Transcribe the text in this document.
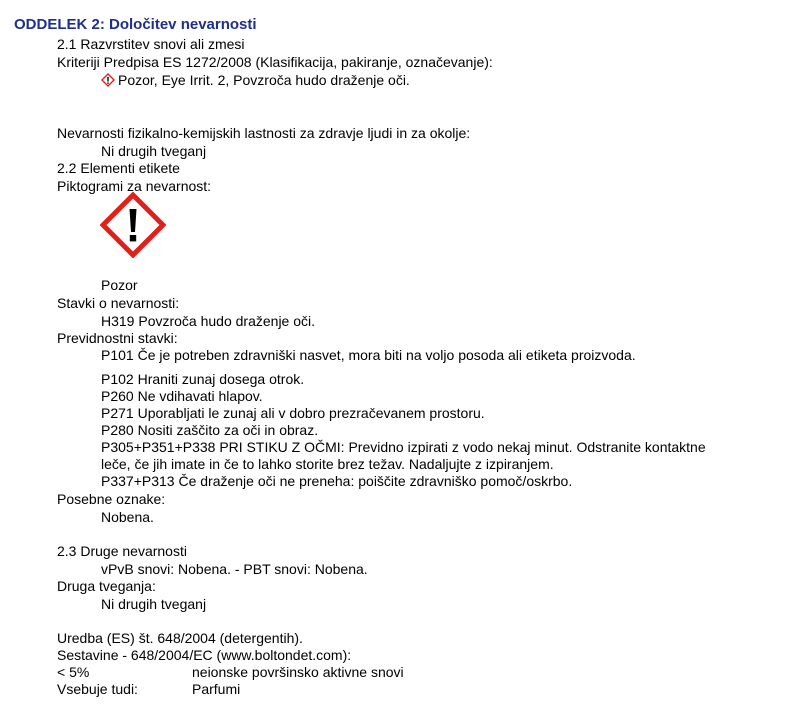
ODDELEK 2: Določitev nevarnosti
2.1 Razvrstitev snovi ali zmesi
Kriteriji Predpisa ES 1272/2008 (Klasifikacija, pakiranje, označevanje):
Pozor, Eye Irrit. 2, Povzroča hudo draženje oči.
Nevarnosti fizikalno-kemijskih lastnosti za zdravje ljudi in za okolje:
Ni drugih tveganj
2.2 Elementi etikete
Piktogrami za nevarnost:
Pozor
Stavki o nevarnosti:
H319 Povzroča hudo draženje oči.
Previdnostni stavki:
P101 Če je potreben zdravniški nasvet, mora biti na voljo posoda ali etiketa proizvoda.
P102 Hraniti zunaj dosega otrok.
P260 Ne vdihavati hlapov.
P271 Uporabljati le zunaj ali v dobro prezračevanem prostoru.
P280 Nositi zaščito za oči in obraz.
P305+P351+P338 PRI STIKU Z OČMI: Previdno izpirati z vodo nekaj minut. Odstranite kontaktne
leče, če jih imate in če to lahko storite brez težav. Nadaljujte z izpiranjem.
P337+P313 Če draženje oči ne preneha: poiščite zdravniško pomoč/oskrbo.
Posebne oznake:
Nobena.
2.3 Druge nevarnosti
vPvB snovi: Nobena. - PBT snovi: Nobena.
Druga tveganja:
Ni drugih tveganj
Uredba (ES) št. 648/2004 (detergentih).
Sestavine - 648/2004/EC (www.boltondet.com):
< 5%	neionske površinsko aktivne snovi
Vsebuje tudi:	Parfumi
